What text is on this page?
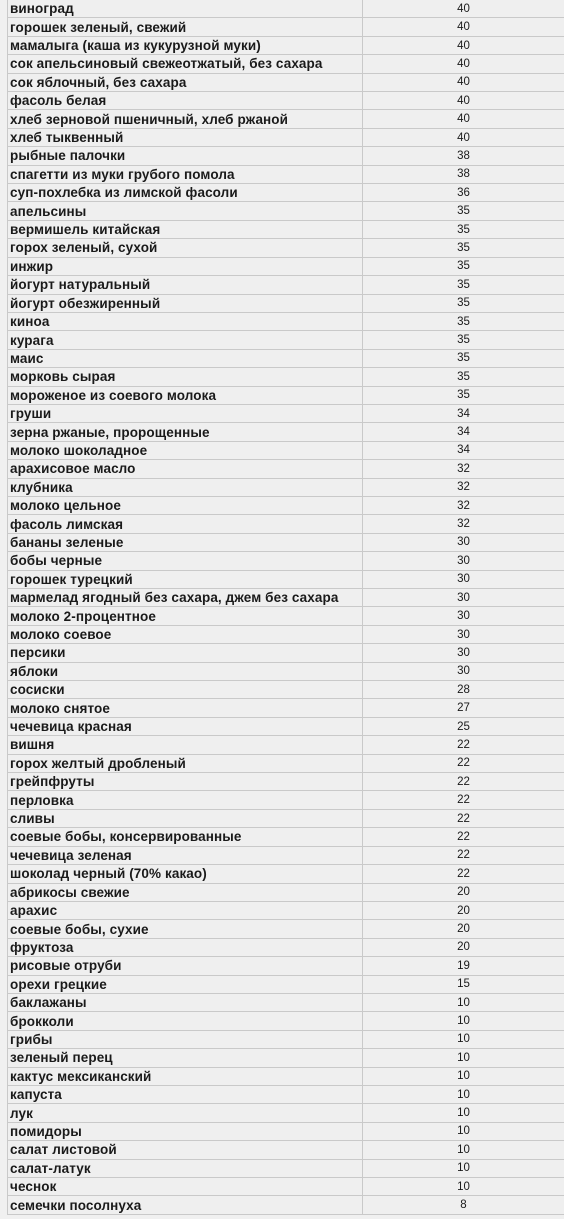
виноград	40
горошек зеленый, свежий	40
мамалыга (каша из кукурузной муки)	40
сок апельсиновый свежеотжатый, без сахара	40
сок яблочный, без сахара	40
фасоль белая	40
хлеб зерновой пшеничный, хлеб ржаной	40
хлеб тыквенный	40
рыбные палочки	38
спагетти из муки грубого помола	38
суп-похлебка из лимской фасоли	36
апельсины	35
вермишель китайская	35
горох зеленый, сухой	35
инжир	35
йогурт натуральный	35
йогурт обезжиренный	35
киноа	35
курага	35
маис	35
морковь сырая	35
мороженое из соевого молока	35
груши	34
зерна ржаные, пророщенные	34
молоко шоколадное	34
арахисовое масло	32
клубника	32
молоко цельное	32
фасоль лимская	32
бананы зеленые	30
бобы черные	30
горошек турецкий	30
мармелад ягодный без сахара, джем без сахара	30
молоко 2-процентное	30
молоко соевое	30
персики	30
яблоки	30
сосиски	28
молоко снятое	27
чечевица красная	25
вишня	22
горох желтый дробленый	22
грейпфруты	22
перловка	22
сливы	22
соевые бобы, консервированные	22
чечевица зеленая	22
шоколад черный (70% какао)	22
абрикосы свежие	20
арахис	20
соевые бобы, сухие	20
фруктоза	20
рисовые отруби	19
орехи грецкие	15
баклажаны	10
брокколи	10
грибы	10
зеленый перец	10
кактус мексиканский	10
капуста	10
лук	10
помидоры	10
салат листовой	10
салат-латук	10
чеснок	10
семечки посолнуха	8
